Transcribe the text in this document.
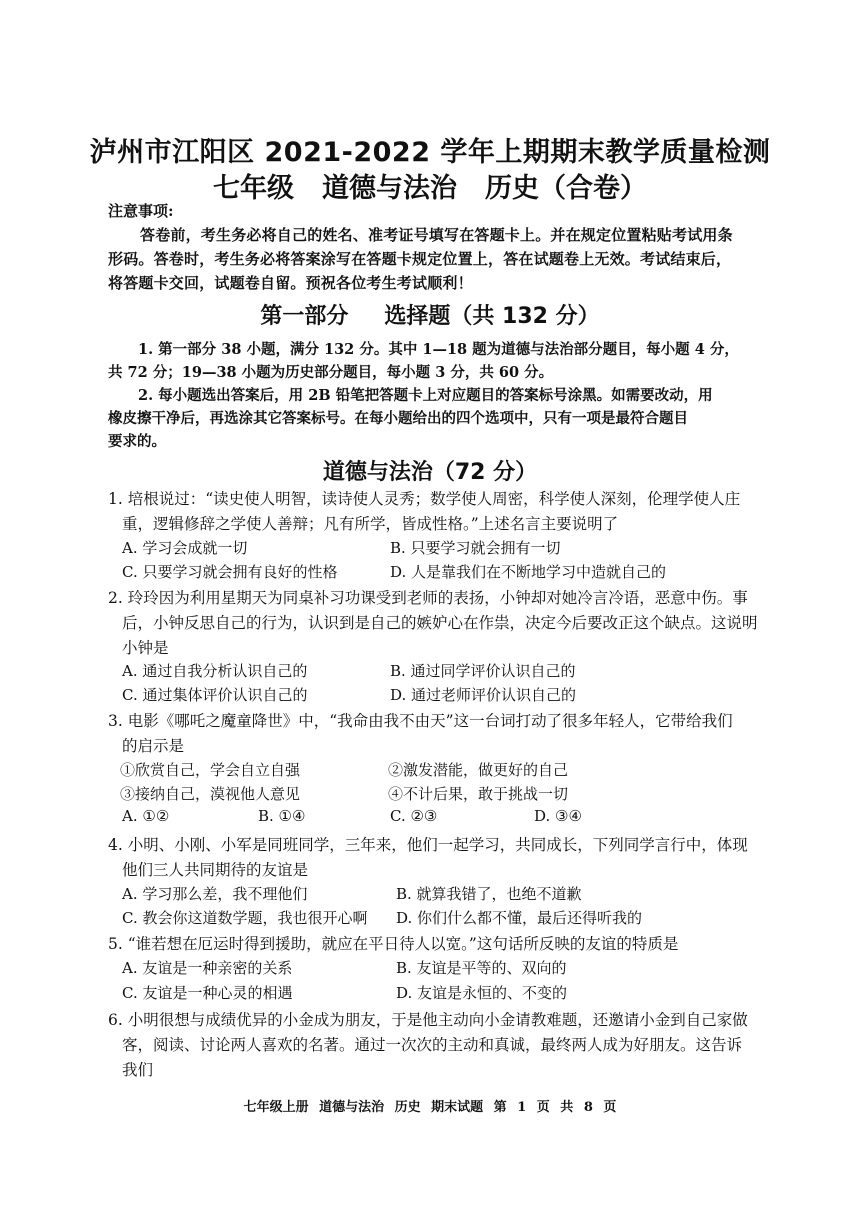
泸州市江阳区 2021-2022 学年上期期末教学质量检测
七年级 道德与法治 历史（合卷）
注意事项:
答卷前，考生务必将自己的姓名、准考证号填写在答题卡上。并在规定位置粘贴考试用条
形码。答卷时，考生务必将答案涂写在答题卡规定位置上，答在试题卷上无效。考试结束后，
将答题卡交回，试题卷自留。预祝各位考生考试顺利！
第一部分 选择题（共 132 分）
1. 第一部分 38 小题，满分 132 分。其中 1—18 题为道德与法治部分题目，每小题 4 分，
共 72 分；19—38 小题为历史部分题目，每小题 3 分，共 60 分。
2. 每小题选出答案后，用 2B 铅笔把答题卡上对应题目的答案标号涂黑。如需要改动，用
橡皮擦干净后，再选涂其它答案标号。在每小题给出的四个选项中，只有一项是最符合题目
要求的。
道德与法治（72 分）
1. 培根说过：“读史使人明智，读诗使人灵秀；数学使人周密，科学使人深刻，伦理学使人庄
重，逻辑修辞之学使人善辩；凡有所学，皆成性格。”上述名言主要说明了
A. 学习会成就一切	B. 只要学习就会拥有一切
C. 只要学习就会拥有良好的性格	D. 人是靠我们在不断地学习中造就自己的
2. 玲玲因为利用星期天为同桌补习功课受到老师的表扬，小钟却对她冷言冷语，恶意中伤。事
后，小钟反思自己的行为，认识到是自己的嫉妒心在作祟，决定今后要改正这个缺点。这说明
小钟是
A. 通过自我分析认识自己的	B. 通过同学评价认识自己的
C. 通过集体评价认识自己的	D. 通过老师评价认识自己的
3. 电影《哪吒之魔童降世》中，“我命由我不由天”这一台词打动了很多年轻人，它带给我们
的启示是
①欣赏自己，学会自立自强	②激发潜能，做更好的自己
③接纳自己，漠视他人意见	④不计后果，敢于挑战一切
A. ①②	B. ①④	C. ②③	D. ③④
4. 小明、小刚、小军是同班同学，三年来，他们一起学习，共同成长，下列同学言行中，体现
他们三人共同期待的友谊是
A. 学习那么差，我不理他们	B. 就算我错了，也绝不道歉
C. 教会你这道数学题，我也很开心啊 D. 你们什么都不懂，最后还得听我的
5. “谁若想在厄运时得到援助，就应在平日待人以宽。”这句话所反映的友谊的特质是
A. 友谊是一种亲密的关系	B. 友谊是平等的、双向的
C. 友谊是一种心灵的相遇	D. 友谊是永恒的、不变的
6. 小明很想与成绩优异的小金成为朋友，于是他主动向小金请教难题，还邀请小金到自己家做
客，阅读、讨论两人喜欢的名著。通过一次次的主动和真诚，最终两人成为好朋友。这告诉
我们
七年级上册 道德与法治 历史 期末试题 第 1 页 共 8 页
